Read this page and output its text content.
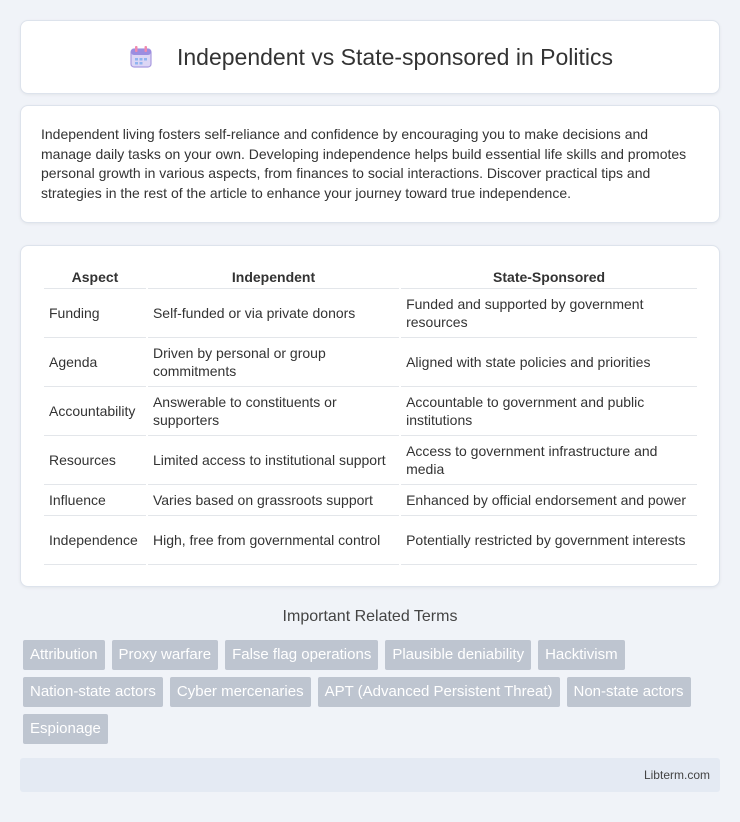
Independent vs State-sponsored in Politics

Independent living fosters self-reliance and confidence by encouraging you to make decisions and manage daily tasks on your own. Developing independence helps build essential life skills and promotes personal growth in various aspects, from finances to social interactions. Discover practical tips and strategies in the rest of the article to enhance your journey toward true independence.

Aspect	Independent	State-Sponsored
Funding	Self-funded or via private donors	Funded and supported by government resources
Agenda	Driven by personal or group commitments	Aligned with state policies and priorities
Accountability	Answerable to constituents or supporters	Accountable to government and public institutions
Resources	Limited access to institutional support	Access to government infrastructure and media
Influence	Varies based on grassroots support	Enhanced by official endorsement and power
Independence	High, free from governmental control	Potentially restricted by government interests
Important Related Terms
Attribution	Proxy warfare	False flag operations	Plausible deniability	Hacktivism
Nation-state actors	Cyber mercenaries	APT (Advanced Persistent Threat)	Non-state actors
Espionage
Libterm.com
